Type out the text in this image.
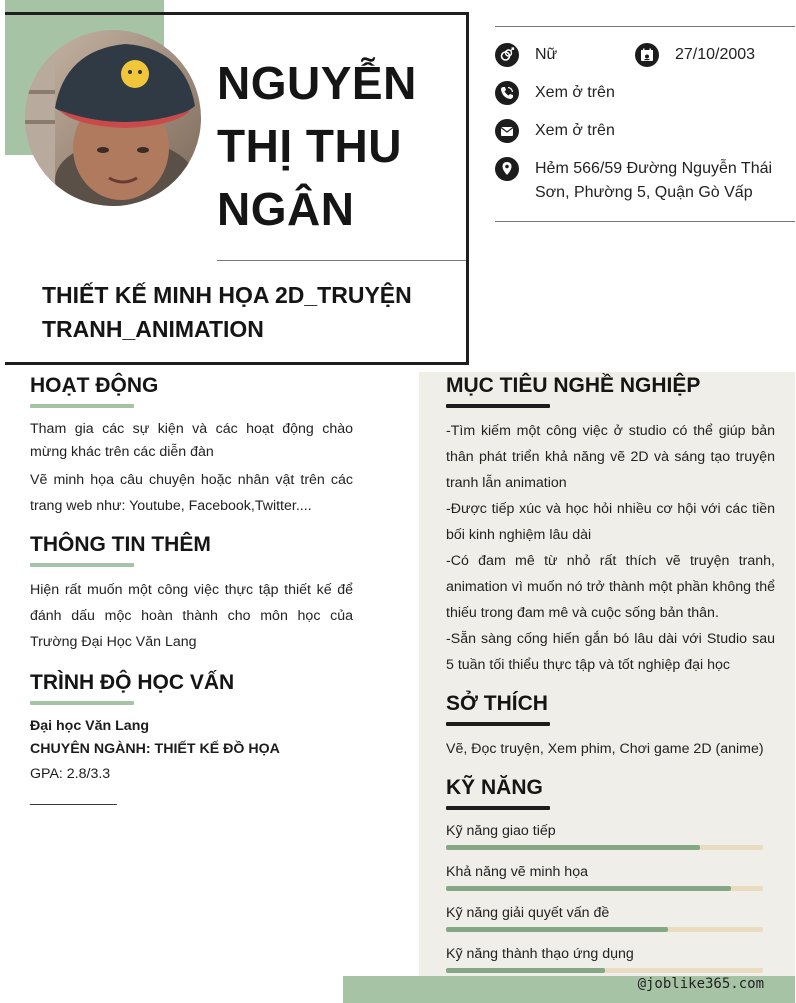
NGUYỄN
THỊ THU
NGÂN
THIẾT KẾ MINH HỌA 2D_TRUYỆN
TRANH_ANIMATION
Nữ	27/10/2003
Xem ở trên
Xem ở trên
Hẻm 566/59 Đường Nguyễn Thái
Sơn, Phường 5, Quận Gò Vấp
HOẠT ĐỘNG

Tham gia các sự kiện và các hoạt động chào mừng khác trên các diễn đàn

Vẽ minh họa câu chuyện hoặc nhân vật trên các trang web như: Youtube, Facebook,Twitter....

THÔNG TIN THÊM

Hiện rất muốn một công việc thực tập thiết kế để đánh dấu mộc hoàn thành cho môn học của Trường Đại Học Văn Lang

TRÌNH ĐỘ HỌC VẤN
Đại học Văn Lang
CHUYÊN NGÀNH: THIẾT KẾ ĐỒ HỌA
GPA: 2.8/3.3
___________
MỤC TIÊU NGHỀ NGHIỆP

-Tìm kiếm một công việc ở studio có thể giúp bản thân phát triển khả năng vẽ 2D và sáng tạo truyện tranh lẫn animation

-Được tiếp xúc và học hỏi nhiều cơ hội với các tiền bối kinh nghiệm lâu dài

-Có đam mê từ nhỏ rất thích vẽ truyện tranh, animation vì muốn nó trở thành một phần không thể thiếu trong đam mê và cuộc sống bản thân.

-Sẵn sàng cống hiến gắn bó lâu dài với Studio sau 5 tuần tối thiểu thực tập và tốt nghiệp đại học

SỞ THÍCH

Vẽ, Đọc truyện, Xem phim, Chơi game 2D (anime)

KỸ NĂNG
Kỹ năng giao tiếp
Khả năng vẽ minh họa
Kỹ năng giải quyết vấn đề
Kỹ năng thành thạo ứng dụng
@joblike365.com
